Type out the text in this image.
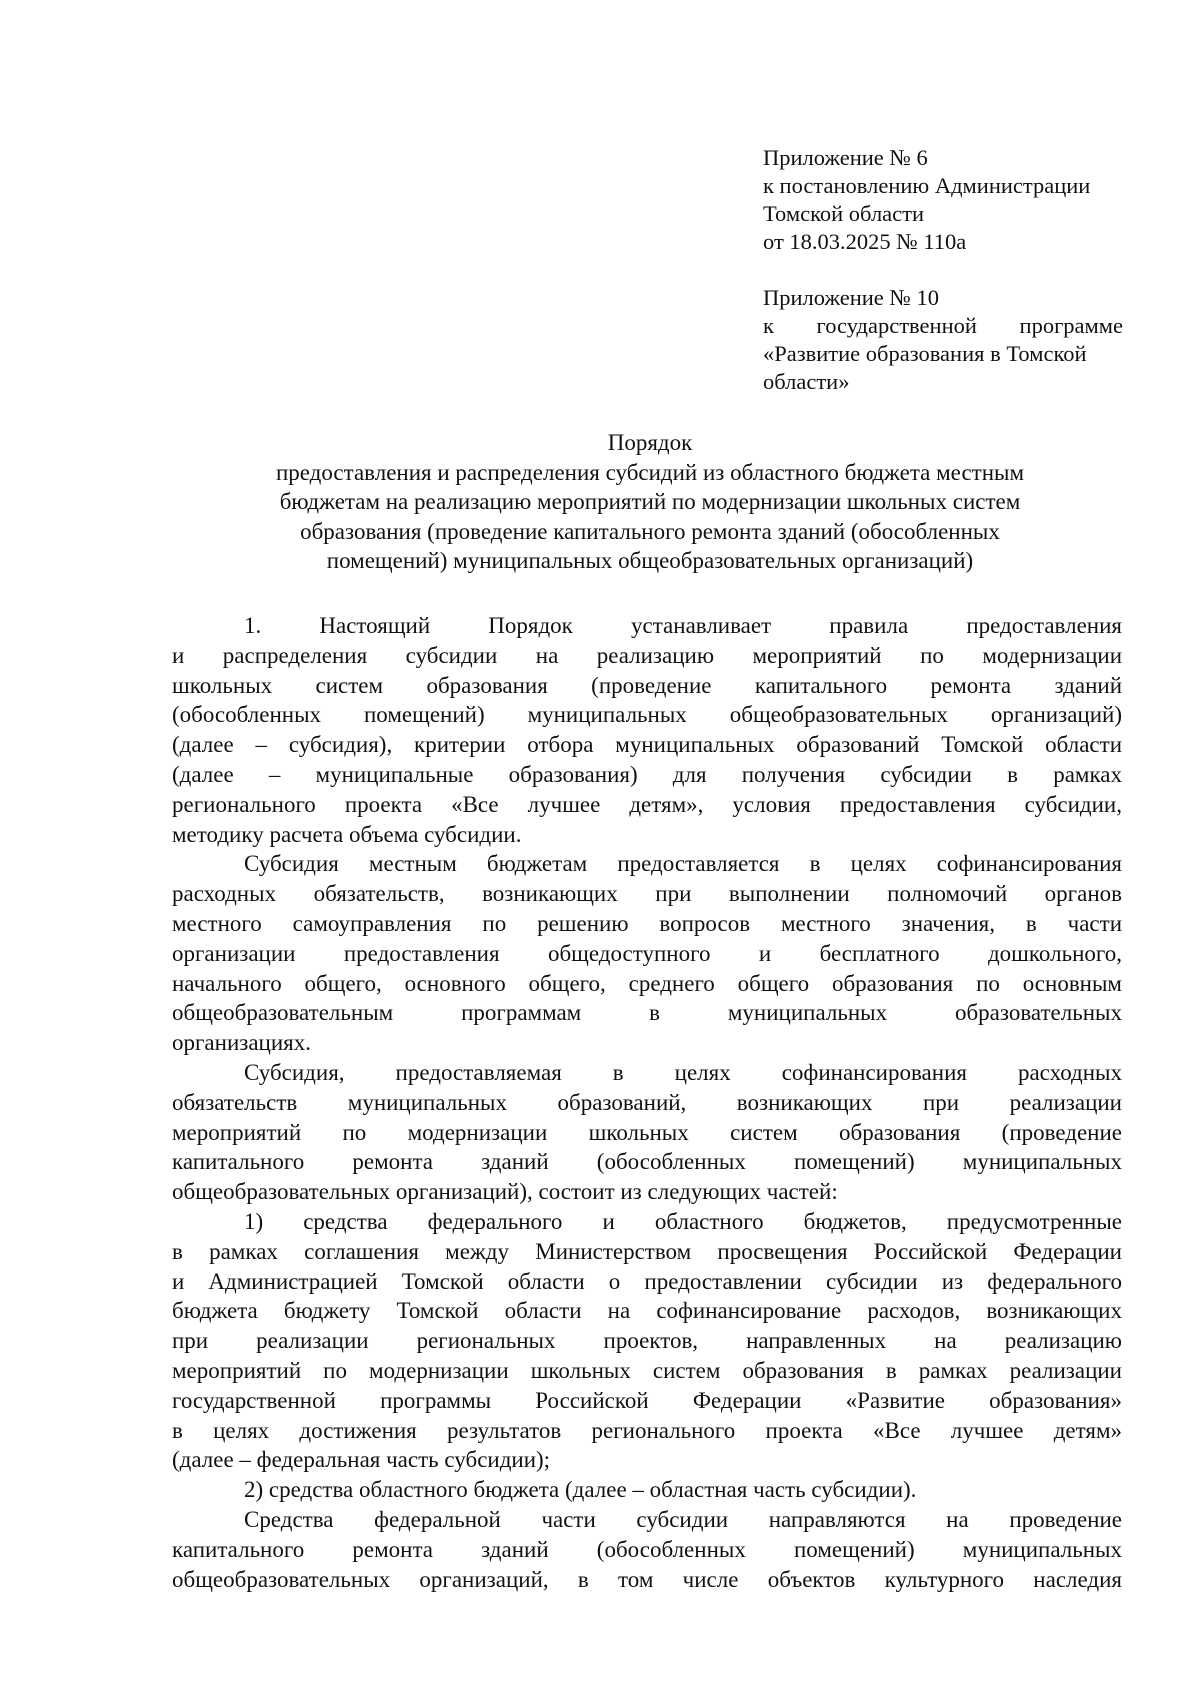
Приложение № 6
к постановлению Администрации
Томской области
от 18.03.2025 № 110а
Приложение № 10
к государственной программе
«Развитие образования в Томской
области»
Порядок
предоставления и распределения субсидий из областного бюджета местным
бюджетам на реализацию мероприятий по модернизации школьных систем
образования (проведение капитального ремонта зданий (обособленных
помещений) муниципальных общеобразовательных организаций)
1. Настоящий Порядок устанавливает правила предоставления
и распределения субсидии на реализацию мероприятий по модернизации
школьных систем образования (проведение капитального ремонта зданий
(обособленных помещений) муниципальных общеобразовательных организаций)
(далее – субсидия), критерии отбора муниципальных образований Томской области
(далее – муниципальные образования) для получения субсидии в рамках
регионального проекта «Все лучшее детям», условия предоставления субсидии,
методику расчета объема субсидии.
Субсидия местным бюджетам предоставляется в целях софинансирования
расходных обязательств, возникающих при выполнении полномочий органов
местного самоуправления по решению вопросов местного значения, в части
организации предоставления общедоступного и бесплатного дошкольного,
начального общего, основного общего, среднего общего образования по основным
общеобразовательным программам в муниципальных образовательных
организациях.
Субсидия, предоставляемая в целях софинансирования расходных
обязательств муниципальных образований, возникающих при реализации
мероприятий по модернизации школьных систем образования (проведение
капитального ремонта зданий (обособленных помещений) муниципальных
общеобразовательных организаций), состоит из следующих частей:
1) средства федерального и областного бюджетов, предусмотренные
в рамках соглашения между Министерством просвещения Российской Федерации
и Администрацией Томской области о предоставлении субсидии из федерального
бюджета бюджету Томской области на софинансирование расходов, возникающих
при реализации региональных проектов, направленных на реализацию
мероприятий по модернизации школьных систем образования в рамках реализации
государственной программы Российской Федерации «Развитие образования»
в целях достижения результатов регионального проекта «Все лучшее детям»
(далее – федеральная часть субсидии);
2) средства областного бюджета (далее – областная часть субсидии).
Средства федеральной части субсидии направляются на проведение
капитального ремонта зданий (обособленных помещений) муниципальных
общеобразовательных организаций, в том числе объектов культурного наследия
